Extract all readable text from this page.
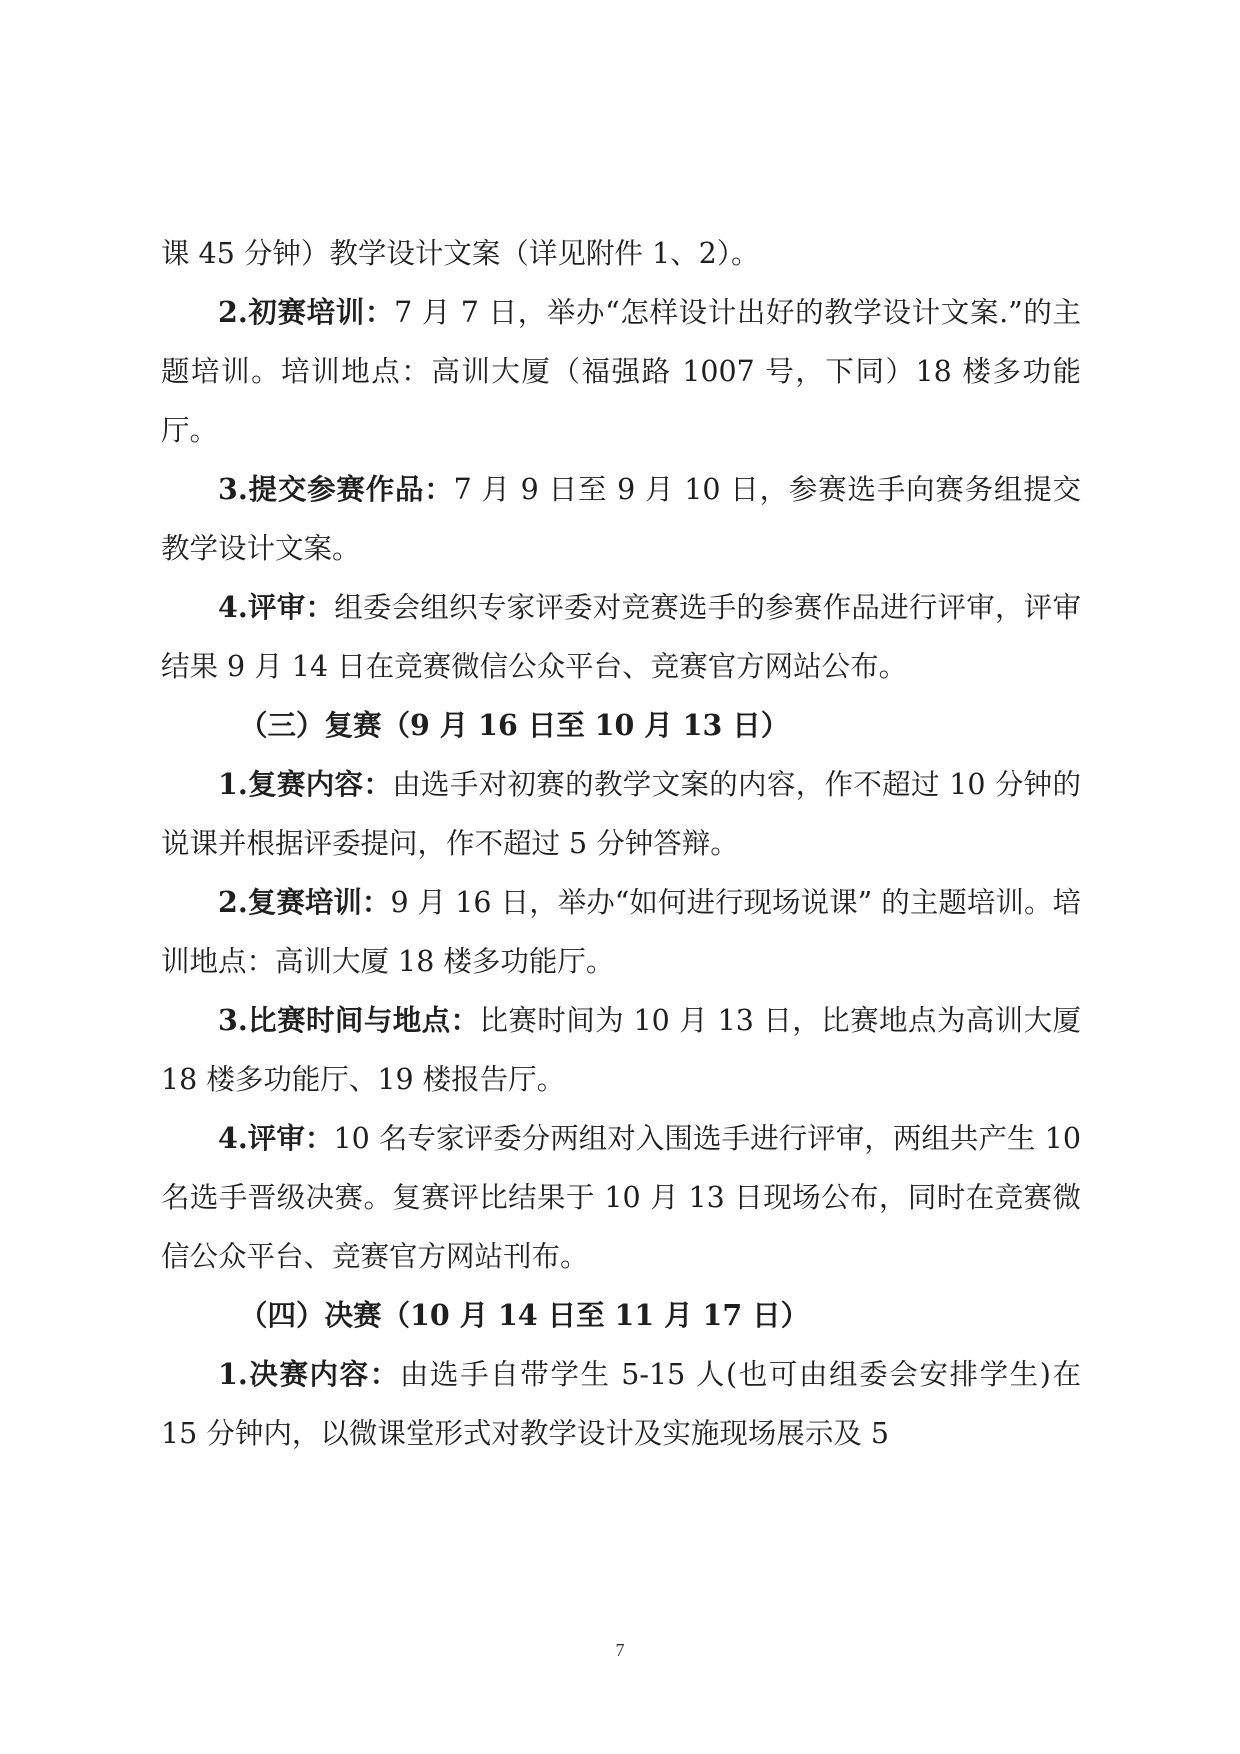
课 45 分钟）教学设计文案（详见附件 1、2）。

2.初赛培训：7 月 7 日，举办“怎样设计出好的教学设计文案.”的主题培训。培训地点：高训大厦（福强路 1007 号，下同）18 楼多功能厅。

3.提交参赛作品：7 月 9 日至 9 月 10 日，参赛选手向赛务组提交教学设计文案。

4.评审：组委会组织专家评委对竞赛选手的参赛作品进行评审，评审结果 9 月 14 日在竞赛微信公众平台、竞赛官方网站公布。

（三）复赛（9 月 16 日至 10 月 13 日）

1.复赛内容：由选手对初赛的教学文案的内容，作不超过 10 分钟的说课并根据评委提问，作不超过 5 分钟答辩。

2.复赛培训：9 月 16 日，举办“如何进行现场说课” 的主题培训。培训地点：高训大厦 18 楼多功能厅。

3.比赛时间与地点：比赛时间为 10 月 13 日，比赛地点为高训大厦 18 楼多功能厅、19 楼报告厅。

4.评审：10 名专家评委分两组对入围选手进行评审，两组共产生 10 名选手晋级决赛。复赛评比结果于 10 月 13 日现场公布，同时在竞赛微信公众平台、竞赛官方网站刊布。

（四）决赛（10 月 14 日至 11 月 17 日）

1.决赛内容：由选手自带学生 5-15 人(也可由组委会安排学生)在 15 分钟内，以微课堂形式对教学设计及实施现场展示及 5

7
